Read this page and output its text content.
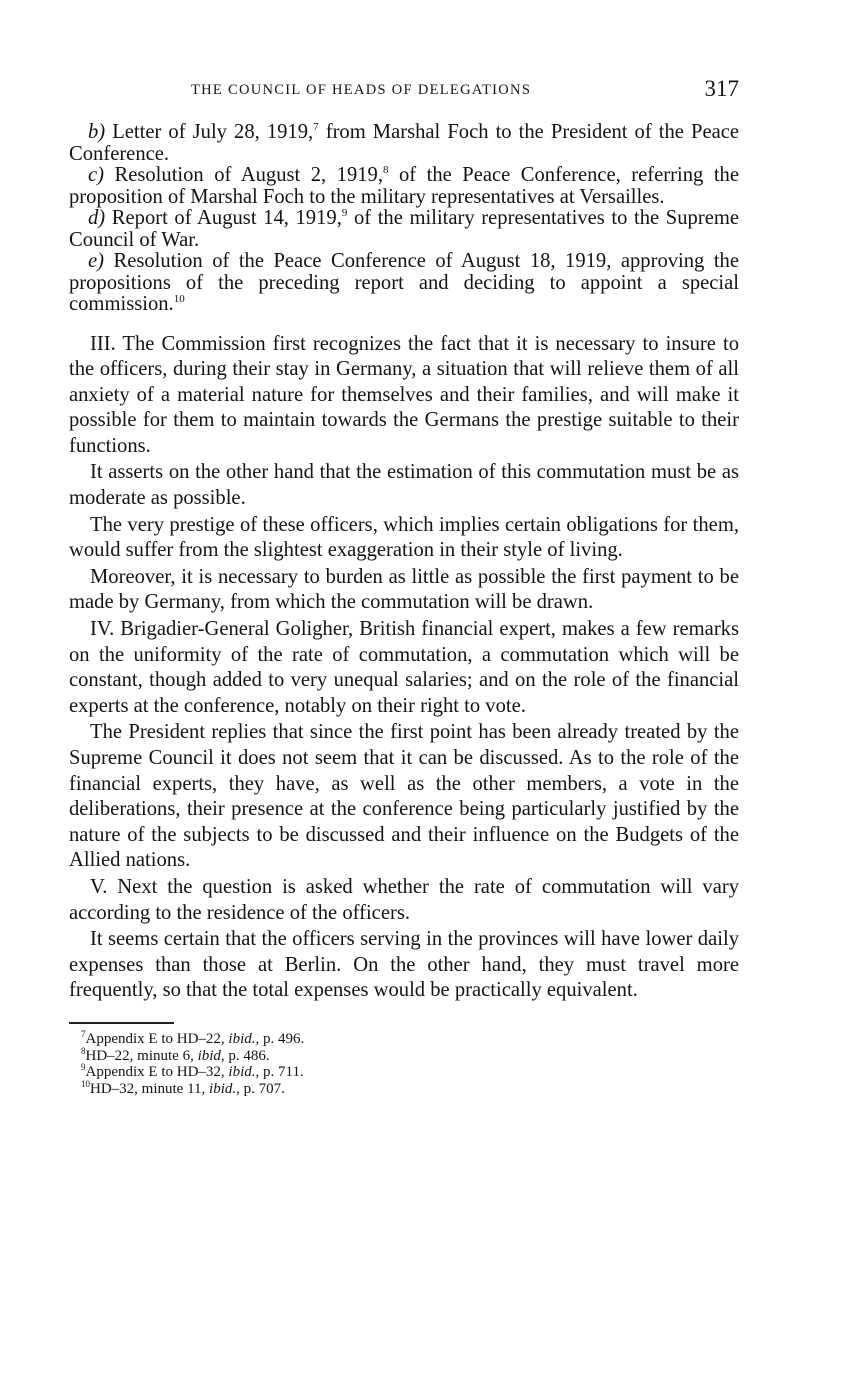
THE COUNCIL OF HEADS OF DELEGATIONS	317

b) Letter of July 28, 1919,$^7$ from Marshal Foch to the President of the Peace Conference.

c) Resolution of August 2, 1919,$^8$ of the Peace Conference, referring the proposition of Marshal Foch to the military representatives at Versailles.

d) Report of August 14, 1919,$^9$ of the military representatives to the Supreme Council of War.

e) Resolution of the Peace Conference of August 18, 1919, approving the propositions of the preceding report and deciding to appoint a special commission.$^{10}$

III. The Commission first recognizes the fact that it is necessary to insure to the officers, during their stay in Germany, a situation that will relieve them of all anxiety of a material nature for themselves and their families, and will make it possible for them to maintain towards the Germans the prestige suitable to their functions.

It asserts on the other hand that the estimation of this commutation must be as moderate as possible.

The very prestige of these officers, which implies certain obligations for them, would suffer from the slightest exaggeration in their style of living.

Moreover, it is necessary to burden as little as possible the first payment to be made by Germany, from which the commutation will be drawn.

IV. Brigadier-General Goligher, British financial expert, makes a few remarks on the uniformity of the rate of commutation, a commutation which will be constant, though added to very unequal salaries; and on the role of the financial experts at the conference, notably on their right to vote.

The President replies that since the first point has been already treated by the Supreme Council it does not seem that it can be discussed. As to the role of the financial experts, they have, as well as the other members, a vote in the deliberations, their presence at the conference being particularly justified by the nature of the subjects to be discussed and their influence on the Budgets of the Allied nations.

V. Next the question is asked whether the rate of commutation will vary according to the residence of the officers.

It seems certain that the officers serving in the provinces will have lower daily expenses than those at Berlin. On the other hand, they must travel more frequently, so that the total expenses would be practically equivalent.

$^7$Appendix E to HD–22, ibid., p. 496.

$^8$HD–22, minute 6, ibid, p. 486.

$^9$Appendix E to HD–32, ibid., p. 711.

$^{10}$HD–32, minute 11, ibid., p. 707.
